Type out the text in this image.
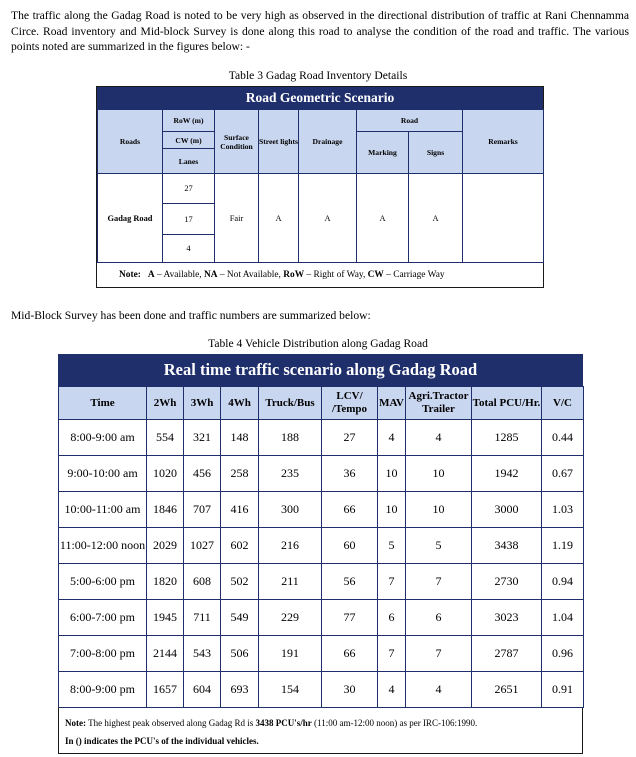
The traffic along the Gadag Road is noted to be very high as observed in the directional distribution of traffic at Rani Chennamma Circe. Road inventory and Mid-block Survey is done along this road to analyse the condition of the road and traffic. The various points noted are summarized in the figures below: -
Table 3 Gadag Road Inventory Details
Road Geometric Scenario
Roads	RoW (m)	Surface Condition	Street lights	Drainage	Road		Remarks
	CW (m)				Marking	Signs	
	Lanes						
Gadag Road	27	Fair	A	A	A	A	
	17						
	4						
Note: A – Available, NA – Not Available, RoW – Right of Way, CW – Carriage Way
Mid-Block Survey has been done and traffic numbers are summarized below:
Table 4 Vehicle Distribution along Gadag Road
Real time traffic scenario along Gadag Road
Time	2Wh	3Wh	4Wh	Truck/Bus	LCV/ /Tempo	MAV	Agri.Tractor Trailer	Total PCU/Hr.	V/C
8:00-9:00 am	554	321	148	188	27	4	4	1285	0.44
9:00-10:00 am	1020	456	258	235	36	10	10	1942	0.67
10:00-11:00 am	1846	707	416	300	66	10	10	3000	1.03
11:00-12:00 noon	2029	1027	602	216	60	5	5	3438	1.19
5:00-6:00 pm	1820	608	502	211	56	7	7	2730	0.94
6:00-7:00 pm	1945	711	549	229	77	6	6	3023	1.04
7:00-8:00 pm	2144	543	506	191	66	7	7	2787	0.96
8:00-9:00 pm	1657	604	693	154	30	4	4	2651	0.91
Note: The highest peak observed along Gadag Rd is 3438 PCU's/hr (11:00 am-12:00 noon) as per IRC-106:1990.
In () indicates the PCU's of the individual vehicles.
